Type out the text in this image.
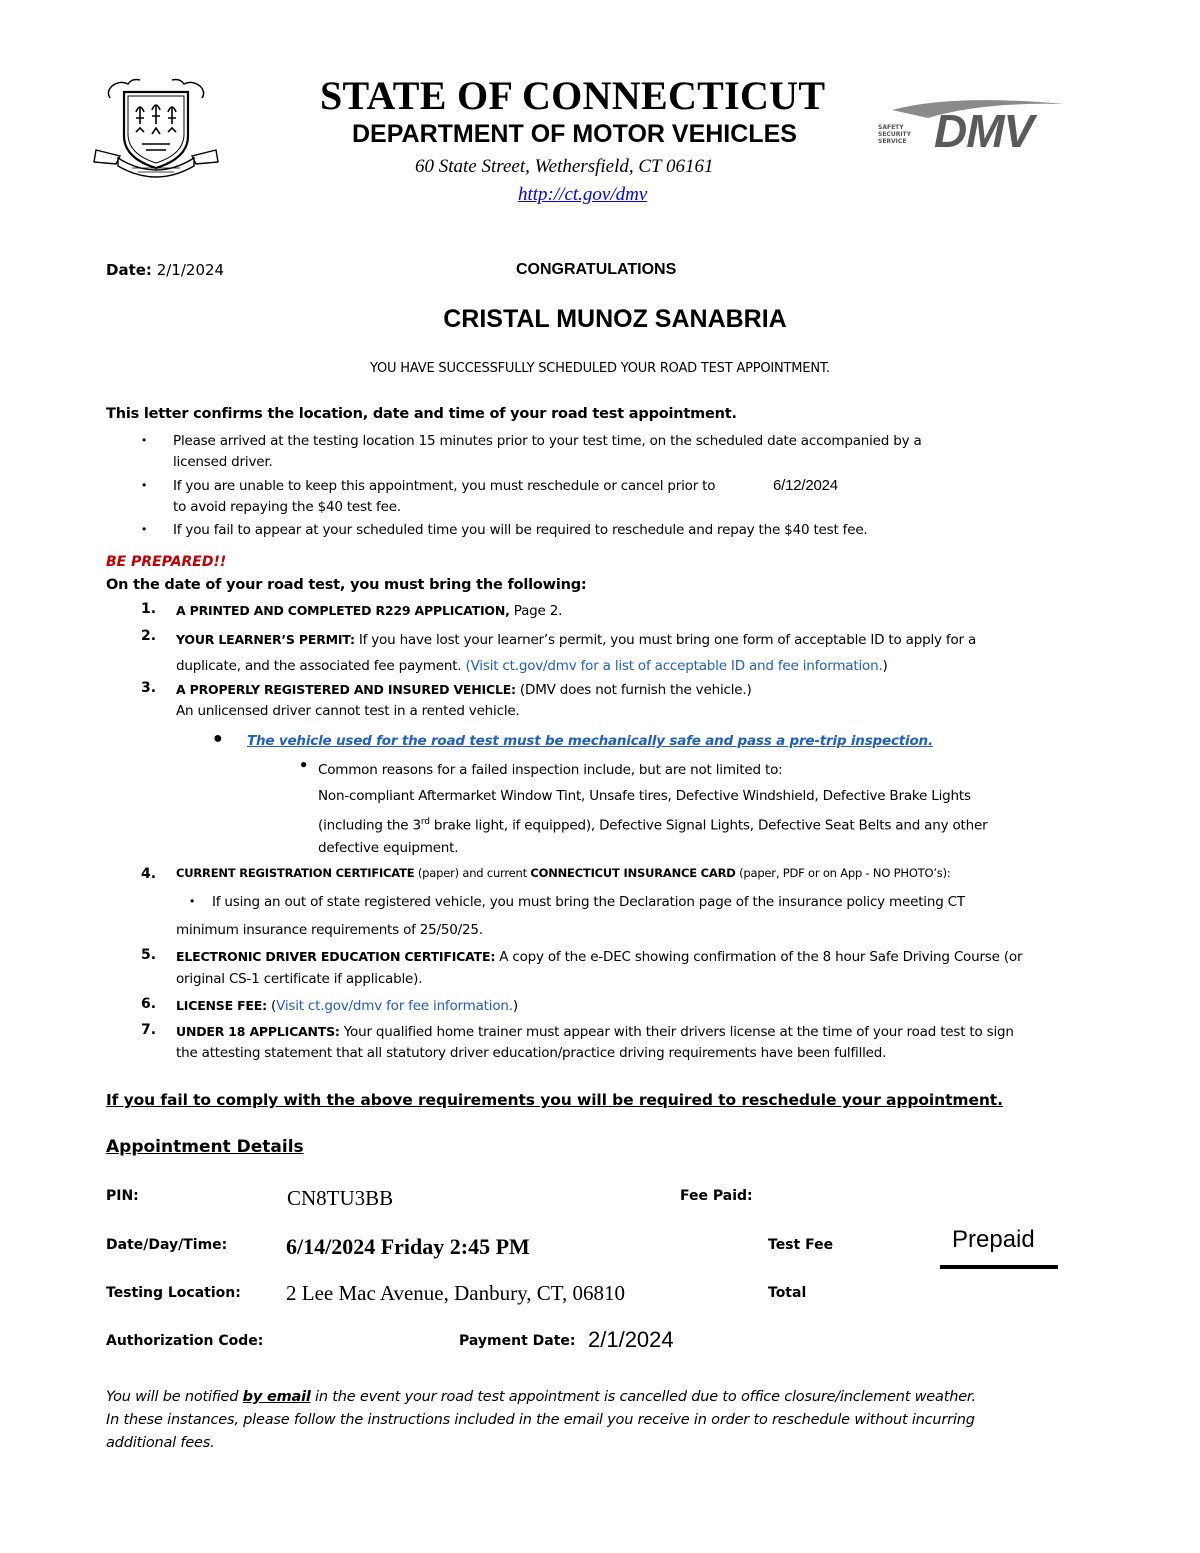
STATE OF CONNECTICUT
DEPARTMENT OF MOTOR VEHICLES
60 State Street, Wethersfield, CT 06161
http://ct.gov/dmv
SAFETY
SECURITY
SERVICE DMV
Date: 2/1/2024	CONGRATULATIONS
CRISTAL MUNOZ SANABRIA
YOU HAVE SUCCESSFULLY SCHEDULED YOUR ROAD TEST APPOINTMENT.
This letter confirms the location, date and time of your road test appointment.
• Please arrived at the testing location 15 minutes prior to your test time, on the scheduled date accompanied by a
licensed driver.
• If you are unable to keep this appointment, you must reschedule or cancel prior to	6/12/2024
to avoid repaying the $40 test fee.
• If you fail to appear at your scheduled time you will be required to reschedule and repay the $40 test fee.
BE PREPARED!!
On the date of your road test, you must bring the following:
1. A PRINTED AND COMPLETED R229 APPLICATION, Page 2.
2. YOUR LEARNER’S PERMIT: If you have lost your learner’s permit, you must bring one form of acceptable ID to apply for a
duplicate, and the associated fee payment. (Visit ct.gov/dmv for a list of acceptable ID and fee information.)
3. A PROPERLY REGISTERED AND INSURED VEHICLE: (DMV does not furnish the vehicle.)
An unlicensed driver cannot test in a rented vehicle.
● The vehicle used for the road test must be mechanically safe and pass a pre-trip inspection.
● Common reasons for a failed inspection include, but are not limited to:
Non-compliant Aftermarket Window Tint, Unsafe tires, Defective Windshield, Defective Brake Lights
(including the 3rd brake light, if equipped), Defective Signal Lights, Defective Seat Belts and any other
defective equipment.
4. CURRENT REGISTRATION CERTIFICATE (paper) and current CONNECTICUT INSURANCE CARD (paper, PDF or on App - NO PHOTO’s):
• If using an out of state registered vehicle, you must bring the Declaration page of the insurance policy meeting CT
minimum insurance requirements of 25/50/25.
5. ELECTRONIC DRIVER EDUCATION CERTIFICATE: A copy of the e-DEC showing confirmation of the 8 hour Safe Driving Course (or
original CS-1 certificate if applicable).
6. LICENSE FEE: (Visit ct.gov/dmv for fee information.)
7. UNDER 18 APPLICANTS: Your qualified home trainer must appear with their drivers license at the time of your road test to sign
the attesting statement that all statutory driver education/practice driving requirements have been fulfilled.
If you fail to comply with the above requirements you will be required to reschedule your appointment.
Appointment Details
PIN:	CN8TU3BB	Fee Paid:
Date/Day/Time:	6/14/2024 Friday 2:45 PM	Test Fee	Prepaid
Testing Location: 2 Lee Mac Avenue, Danbury, CT, 06810	Total
Authorization Code:	Payment Date: 2/1/2024
You will be notified by email in the event your road test appointment is cancelled due to office closure/inclement weather.
In these instances, please follow the instructions included in the email you receive in order to reschedule without incurring
additional fees.
